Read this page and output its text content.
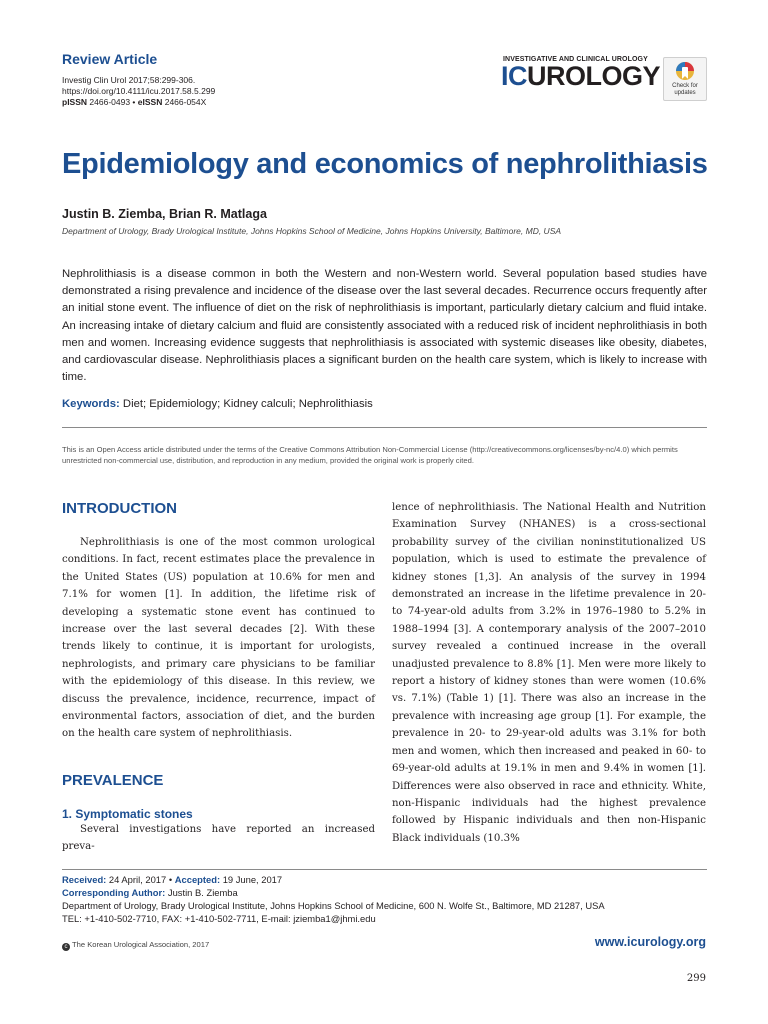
Review Article
Investig Clin Urol 2017;58:299-306.
https://doi.org/10.4111/icu.2017.58.5.299
pISSN 2466-0493 • eISSN 2466-054X
INVESTIGATIVE AND CLINICAL UROLOGY
ICUROLOGY	Check for
updates
Epidemiology and economics of nephrolithiasis
Justin B. Ziemba, Brian R. Matlaga
Department of Urology, Brady Urological Institute, Johns Hopkins School of Medicine, Johns Hopkins University, Baltimore, MD, USA
Nephrolithiasis is a disease common in both the Western and non-Western world. Several population based studies have demonstrated a rising prevalence and incidence of the disease over the last several decades. Recurrence occurs frequently after an initial stone event. The influence of diet on the risk of nephrolithiasis is important, particularly dietary calcium and fluid intake. An increasing intake of dietary calcium and fluid are consistently associated with a reduced risk of incident nephrolithiasis in both men and women. Increasing evidence suggests that nephrolithiasis is associated with systemic diseases like obesity, diabetes, and cardiovascular disease. Nephrolithiasis places a significant burden on the health care system, which is likely to increase with time.
Keywords: Diet; Epidemiology; Kidney calculi; Nephrolithiasis
This is an Open Access article distributed under the terms of the Creative Commons Attribution Non-Commercial License (http://creativecommons.org/licenses/by-nc/4.0) which permits unrestricted non-commercial use, distribution, and reproduction in any medium, provided the original work is properly cited.
INTRODUCTION
Nephrolithiasis is one of the most common urological conditions. In fact, recent estimates place the prevalence in the United States (US) population at 10.6% for men and 7.1% for women [1]. In addition, the lifetime risk of developing a systematic stone event has continued to increase over the last several decades [2]. With these trends likely to continue, it is important for urologists, nephrologists, and primary care physicians to be familiar with the epidemiology of this disease. In this review, we discuss the prevalence, incidence, recurrence, impact of environmental factors, association of diet, and the burden on the health care system of nephrolithiasis.
PREVALENCE
1. Symptomatic stones
Several investigations have reported an increased preva-
lence of nephrolithiasis. The National Health and Nutrition Examination Survey (NHANES) is a cross-sectional probability survey of the civilian noninstitutionalized US population, which is used to estimate the prevalence of kidney stones [1,3]. An analysis of the survey in 1994 demonstrated an increase in the lifetime prevalence in 20- to 74-year-old adults from 3.2% in 1976–1980 to 5.2% in 1988–1994 [3]. A contemporary analysis of the 2007–2010 survey revealed a continued increase in the overall unadjusted prevalence to 8.8% [1]. Men were more likely to report a history of kidney stones than were women (10.6% vs. 7.1%) (Table 1) [1]. There was also an increase in the prevalence with increasing age group [1]. For example, the prevalence in 20- to 29-year-old adults was 3.1% for both men and women, which then increased and peaked in 60- to 69-year-old adults at 19.1% in men and 9.4% in women [1]. Differences were also observed in race and ethnicity. White, non-Hispanic individuals had the highest prevalence followed by Hispanic individuals and then non-Hispanic Black individuals (10.3%
Received: 24 April, 2017 • Accepted: 19 June, 2017
Corresponding Author: Justin B. Ziemba
Department of Urology, Brady Urological Institute, Johns Hopkins School of Medicine, 600 N. Wolfe St., Baltimore, MD 21287, USA
TEL: +1-410-502-7710, FAX: +1-410-502-7711, E-mail: jziemba1@jhmi.edu
c The Korean Urological Association, 2017	www.icurology.org
299
